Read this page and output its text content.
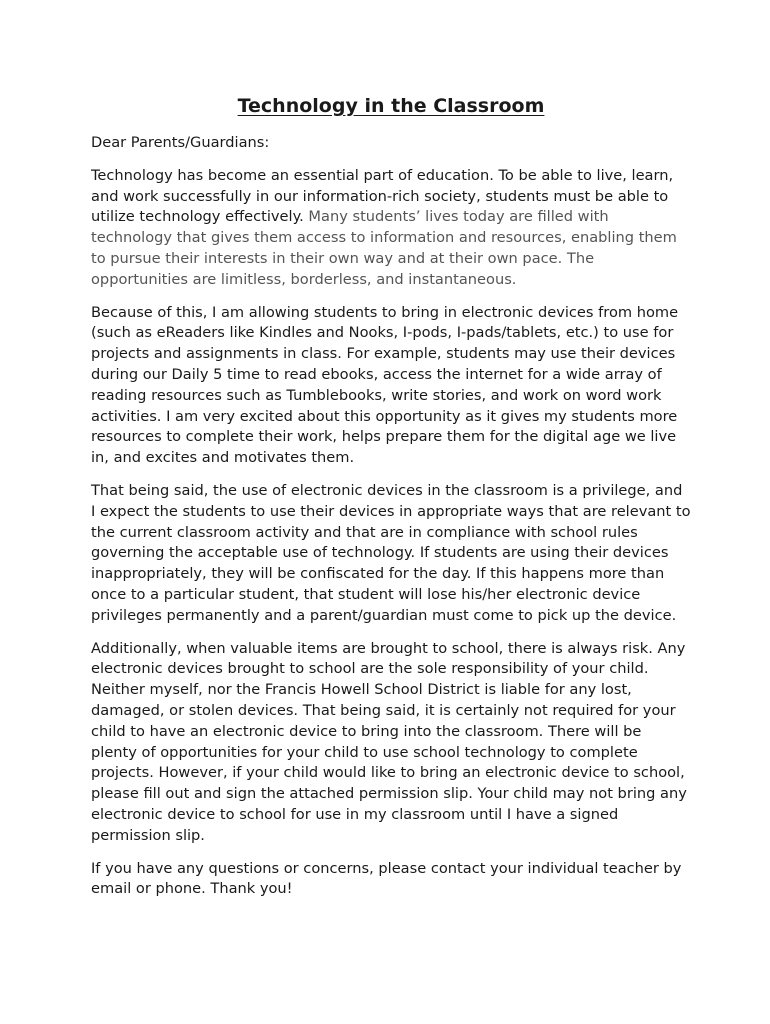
Technology in the Classroom

Dear Parents/Guardians:

Technology has become an essential part of education. To be able to live, learn, and work successfully in our information-rich society, students must be able to utilize technology effectively. Many students’ lives today are filled with technology that gives them access to information and resources, enabling them to pursue their interests in their own way and at their own pace. The opportunities are limitless, borderless, and instantaneous.

Because of this, I am allowing students to bring in electronic devices from home (such as eReaders like Kindles and Nooks, I-pods, I-pads/tablets, etc.) to use for projects and assignments in class. For example, students may use their devices during our Daily 5 time to read ebooks, access the internet for a wide array of reading resources such as Tumblebooks, write stories, and work on word work activities. I am very excited about this opportunity as it gives my students more resources to complete their work, helps prepare them for the digital age we live in, and excites and motivates them.

That being said, the use of electronic devices in the classroom is a privilege, and I expect the students to use their devices in appropriate ways that are relevant to the current classroom activity and that are in compliance with school rules governing the acceptable use of technology. If students are using their devices inappropriately, they will be confiscated for the day. If this happens more than once to a particular student, that student will lose his/her electronic device privileges permanently and a parent/guardian must come to pick up the device.

Additionally, when valuable items are brought to school, there is always risk. Any electronic devices brought to school are the sole responsibility of your child. Neither myself, nor the Francis Howell School District is liable for any lost, damaged, or stolen devices. That being said, it is certainly not required for your child to have an electronic device to bring into the classroom. There will be plenty of opportunities for your child to use school technology to complete projects. However, if your child would like to bring an electronic device to school, please fill out and sign the attached permission slip. Your child may not bring any electronic device to school for use in my classroom until I have a signed permission slip.

If you have any questions or concerns, please contact your individual teacher by email or phone. Thank you!
